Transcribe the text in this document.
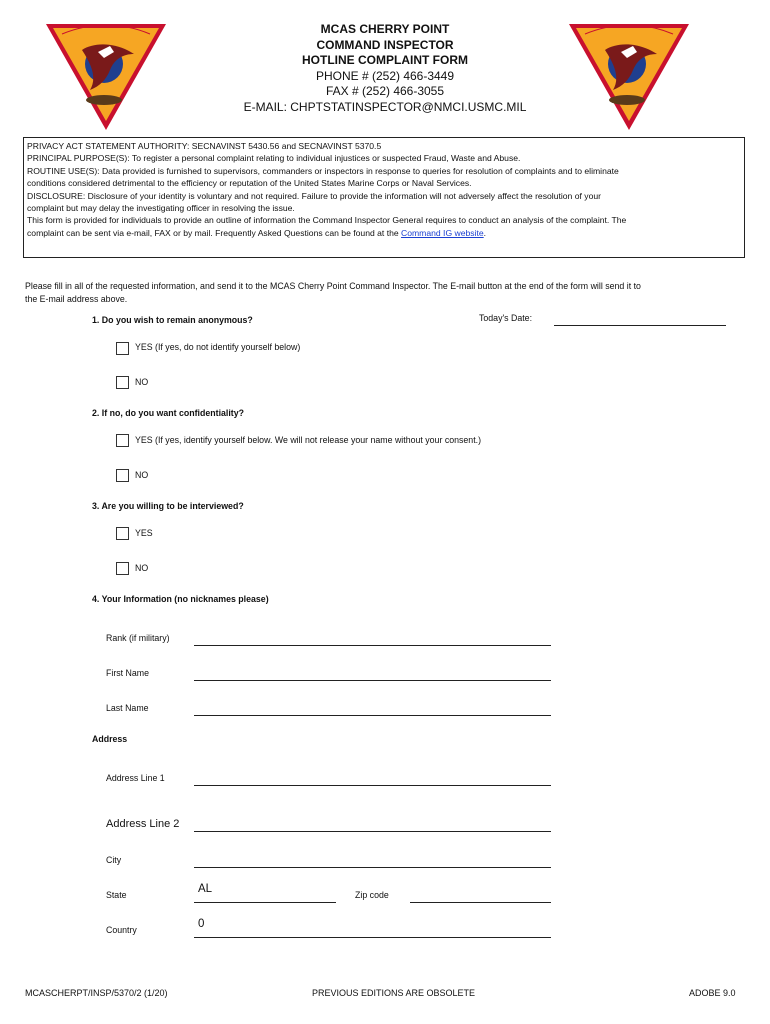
MCAS CHERRY POINT
COMMAND INSPECTOR
HOTLINE COMPLAINT FORM
PHONE # (252) 466-3449
FAX # (252) 466-3055
E-MAIL: CHPTSTATINSPECTOR@NMCI.USMC.MIL
PRIVACY ACT STATEMENT AUTHORITY: SECNAVINST 5430.56 and SECNAVINST 5370.5
PRINCIPAL PURPOSE(S): To register a personal complaint relating to individual injustices or suspected Fraud, Waste and Abuse.
ROUTINE USE(S): Data provided is furnished to supervisors, commanders or inspectors in response to queries for resolution of complaints and to eliminate
conditions considered detrimental to the efficiency or reputation of the United States Marine Corps or Naval Services.
DISCLOSURE: Disclosure of your identity is voluntary and not required. Failure to provide the information will not adversely affect the resolution of your
complaint but may delay the investigating officer in resolving the issue.
This form is provided for individuals to provide an outline of information the Command Inspector General requires to conduct an analysis of the complaint. The
complaint can be sent via e-mail, FAX or by mail. Frequently Asked Questions can be found at the Command IG website.
Please fill in all of the requested information, and send it to the MCAS Cherry Point Command Inspector. The E-mail button at the end of the form will send it to
the E-mail address above.
Today's Date:
1. Do you wish to remain anonymous?
YES (If yes, do not identify yourself below)
NO
2. If no, do you want confidentiality?
YES (If yes, identify yourself below. We will not release your name without your consent.)
NO
3. Are you willing to be interviewed?
YES
NO
4. Your Information (no nicknames please)
Rank (if military)
First Name
Last Name
Address
Address Line 1
Address Line 2
City
State	AL	Zip code
Country	0
MCASCHERPT/INSP/5370/2 (1/20)	PREVIOUS EDITIONS ARE OBSOLETE	ADOBE 9.0
